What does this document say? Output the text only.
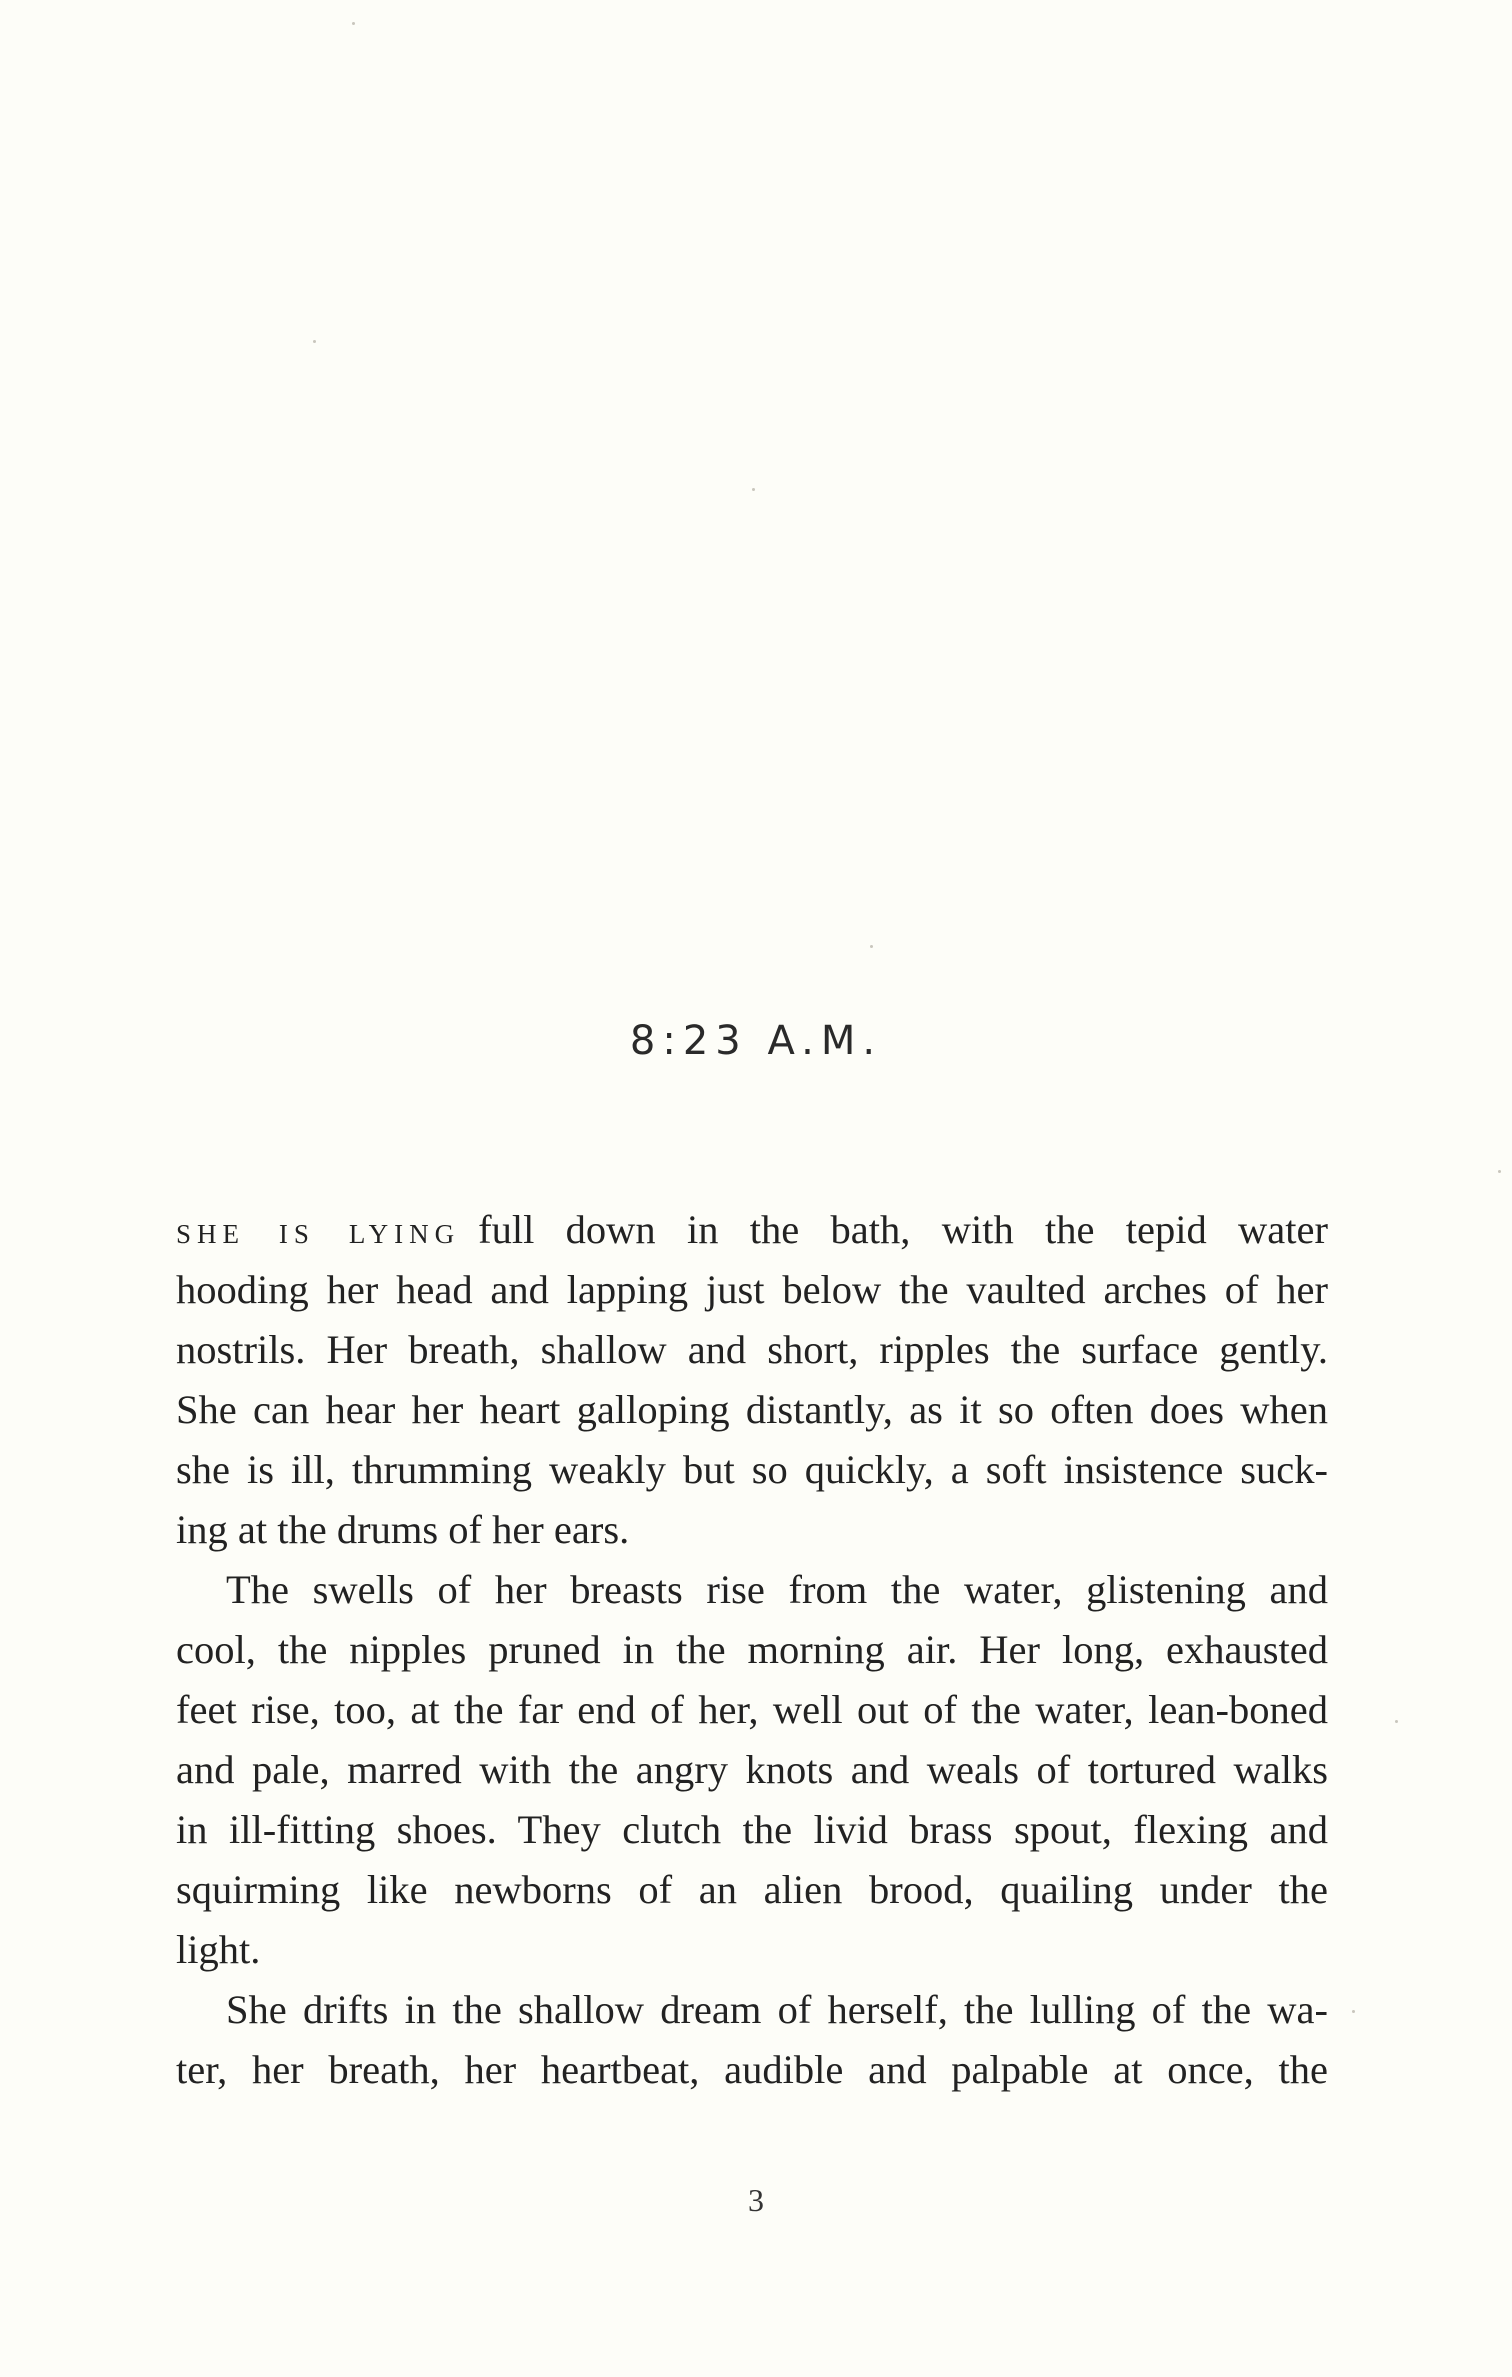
8:23 A.M.
SHE IS LYING full down in the bath, with the tepid water
hooding her head and lapping just below the vaulted arches of her
nostrils. Her breath, shallow and short, ripples the surface gently.
She can hear her heart galloping distantly, as it so often does when
she is ill, thrumming weakly but so quickly, a soft insistence suck-
ing at the drums of her ears.
The swells of her breasts rise from the water, glistening and
cool, the nipples pruned in the morning air. Her long, exhausted
feet rise, too, at the far end of her, well out of the water, lean-boned
and pale, marred with the angry knots and weals of tortured walks
in ill-fitting shoes. They clutch the livid brass spout, flexing and
squirming like newborns of an alien brood, quailing under the
light.
She drifts in the shallow dream of herself, the lulling of the wa-
ter, her breath, her heartbeat, audible and palpable at once, the
3
